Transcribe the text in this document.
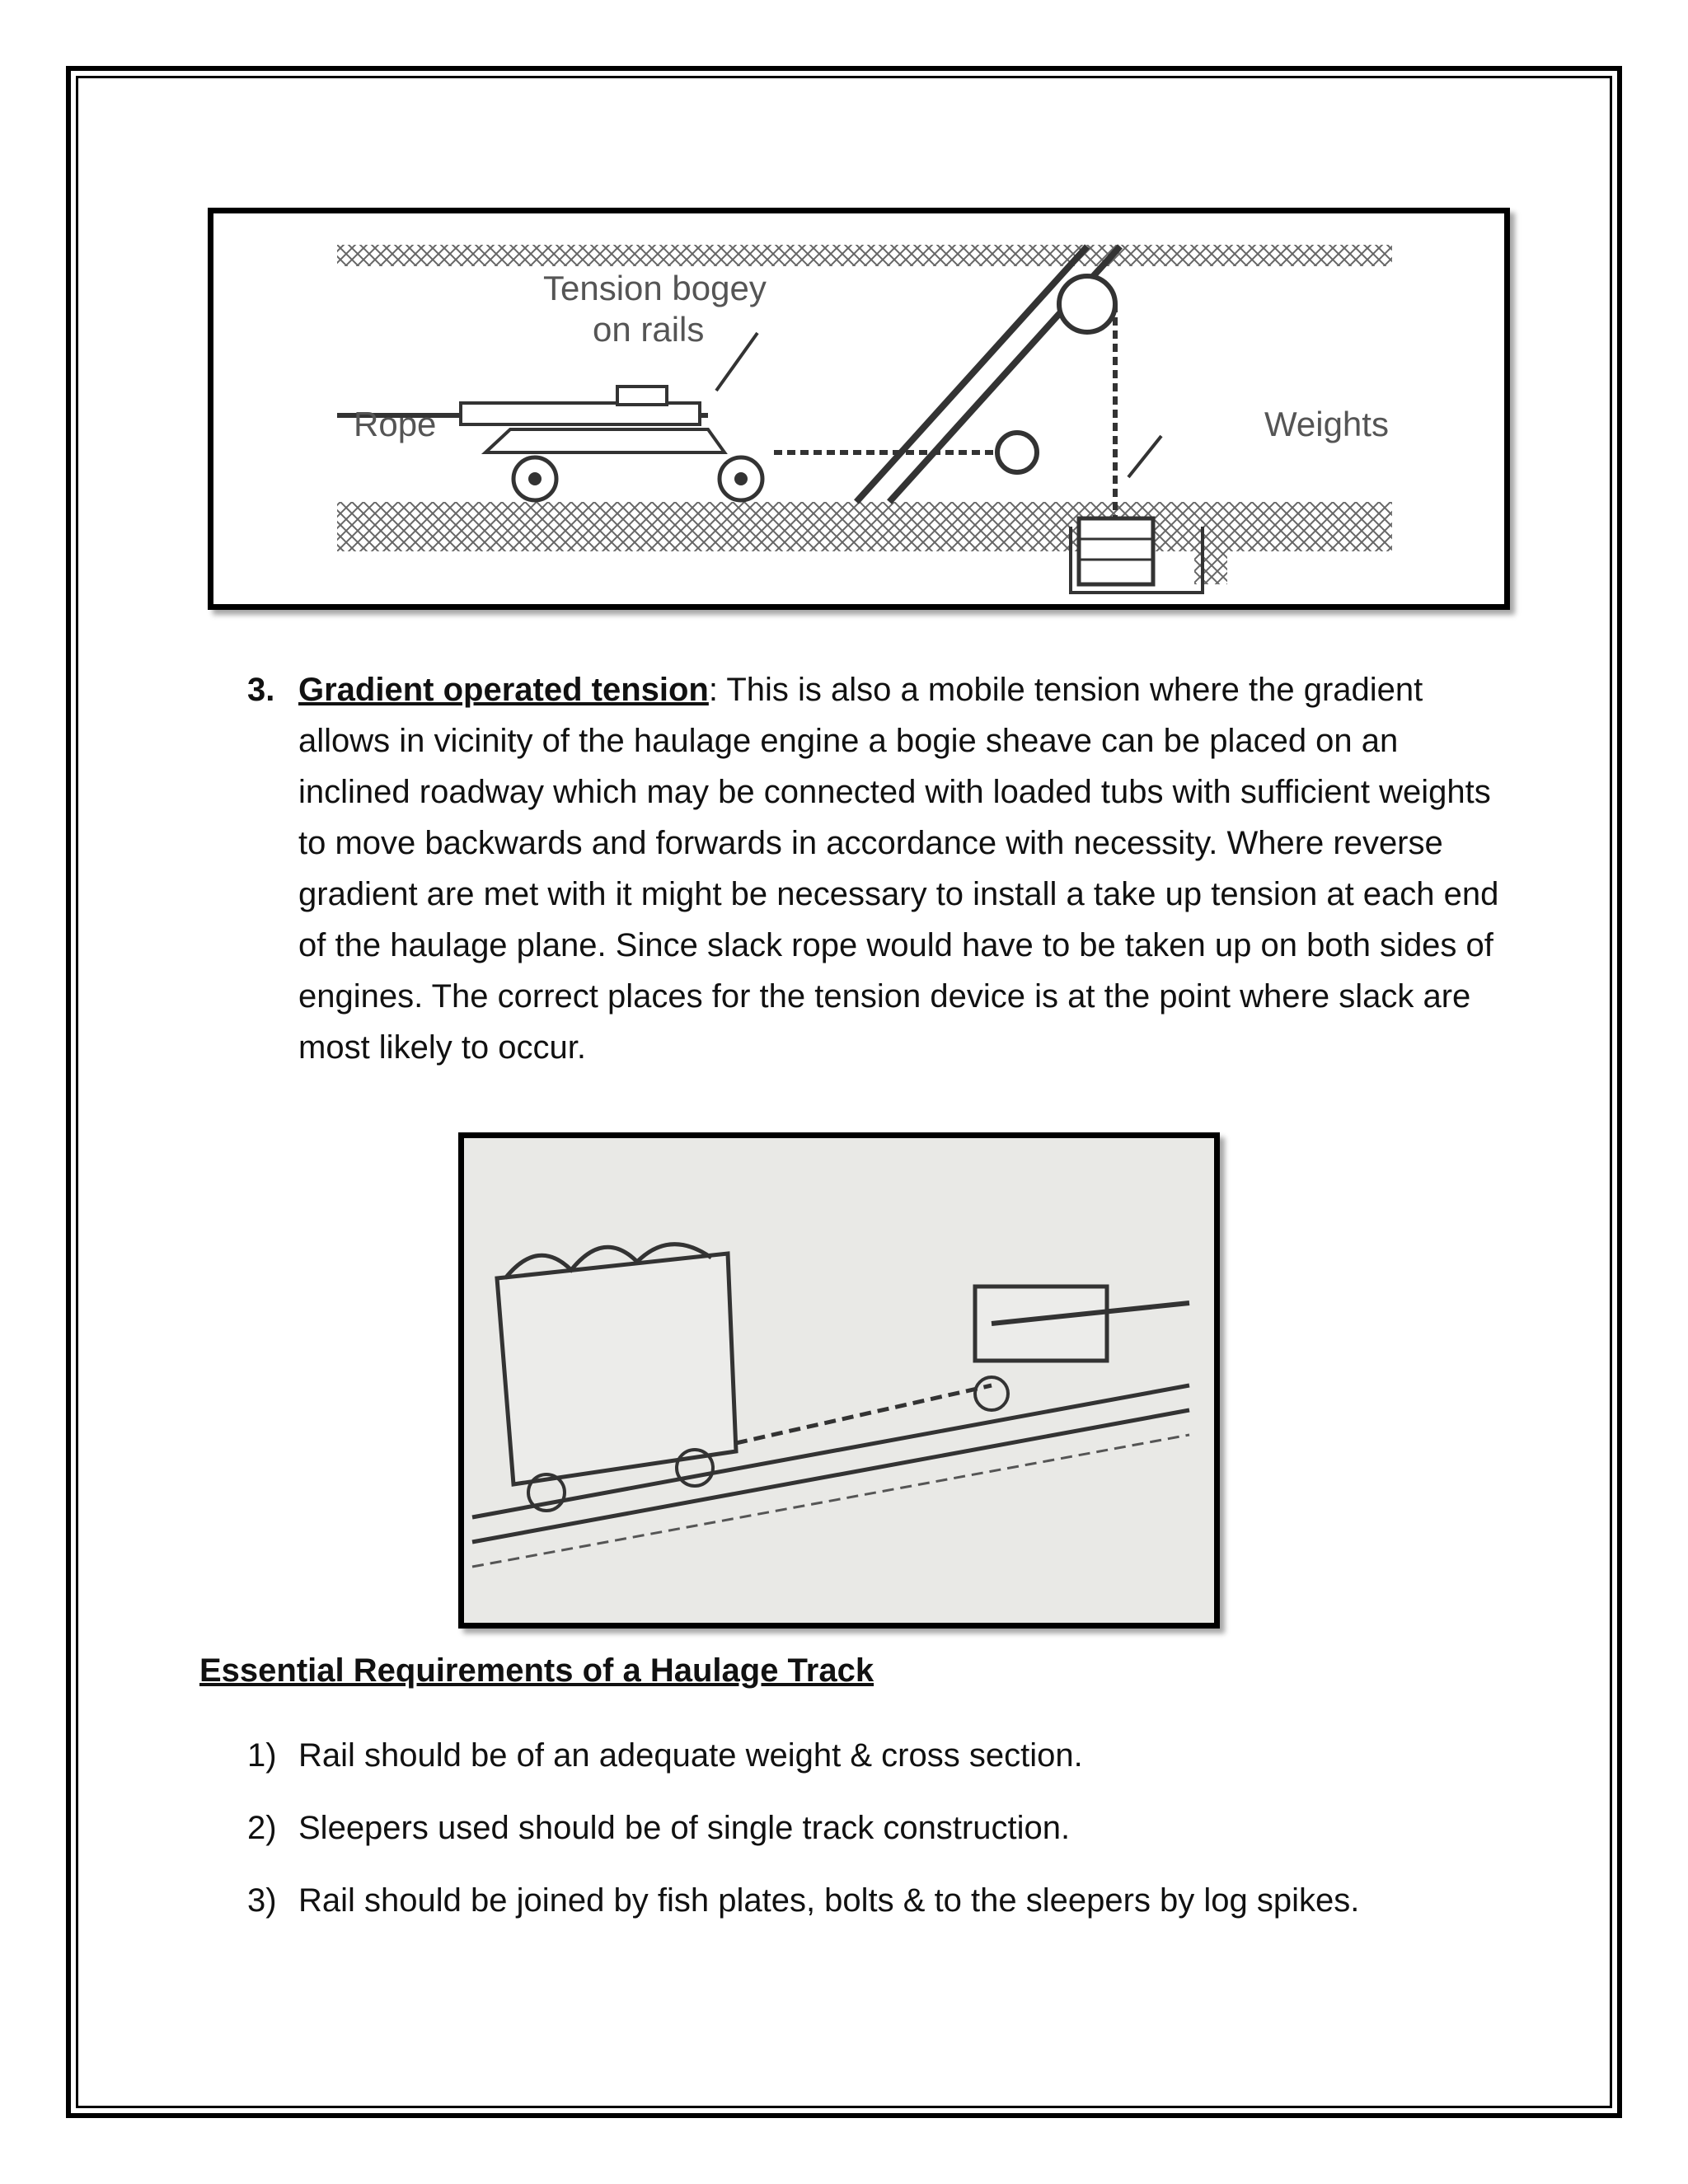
Tension bogey
on rails
Rope	Weights
3. Gradient operated tension: This is also a mobile tension where the gradient allows in vicinity of the haulage engine a bogie sheave can be placed on an inclined roadway which may be connected with loaded tubs with sufficient weights to move backwards and forwards in accordance with necessity. Where reverse gradient are met with it might be necessary to install a take up tension at each end of the haulage plane. Since slack rope would have to be taken up on both sides of engines. The correct places for the tension device is at the point where slack are most likely to occur.
Essential Requirements of a Haulage Track
1) Rail should be of an adequate weight & cross section.
2) Sleepers used should be of single track construction.
3) Rail should be joined by fish plates, bolts & to the sleepers by log spikes.
